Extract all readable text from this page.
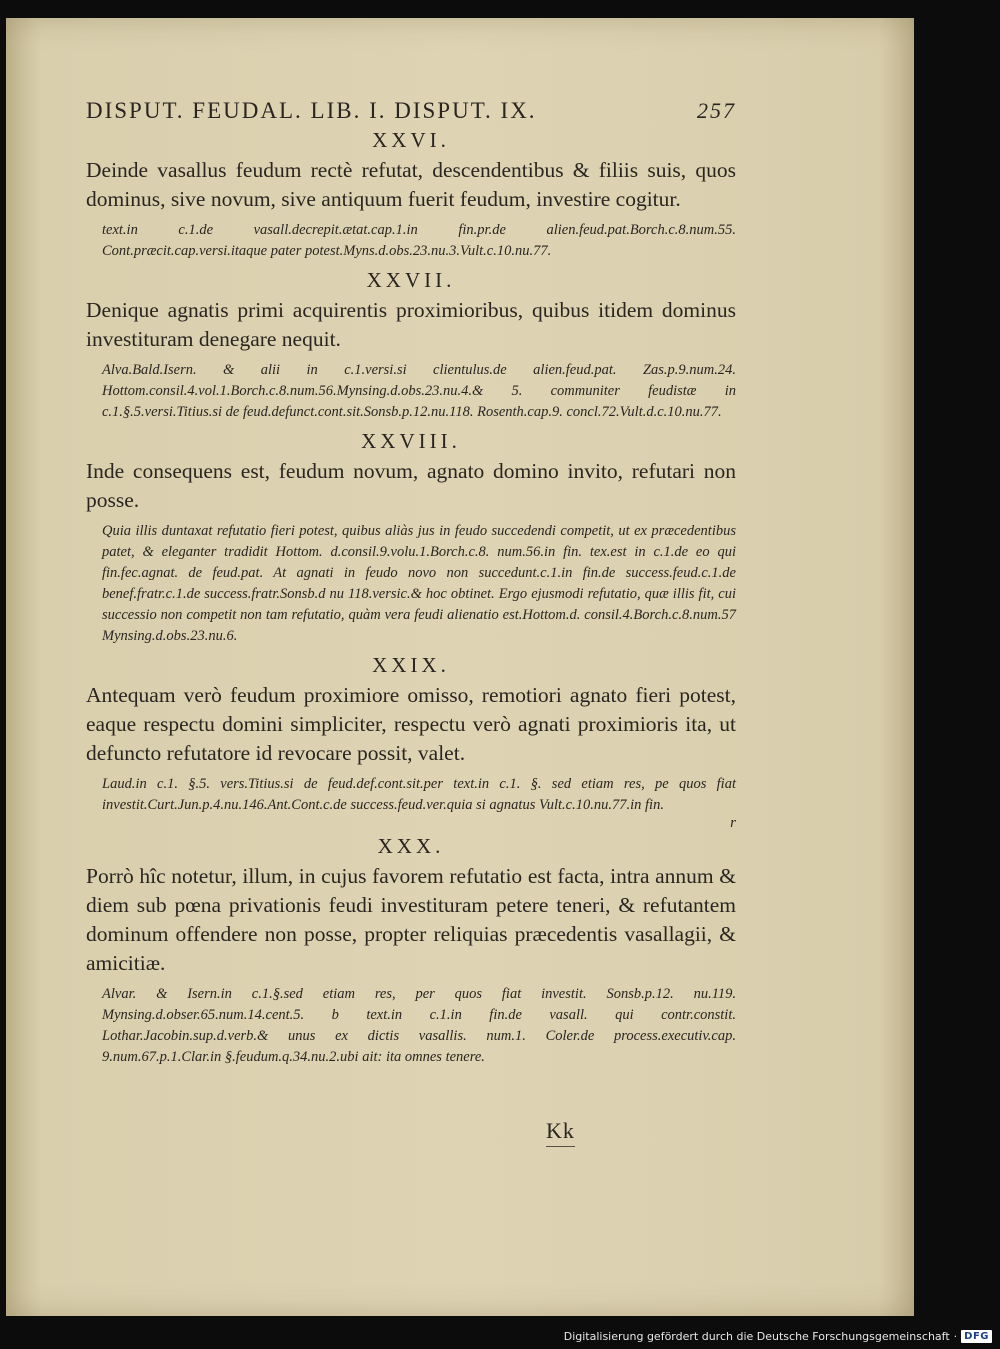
DISPUT. FEUDAL. LIB. I. DISPUT. IX.	257
XXVI.

Deinde vasallus feudum rectè refutat, descendentibus & filiis suis, quos dominus, sive novum, sive antiquum fuerit feudum, investire cogitur.

text.in c.1.de vasall.decrepit.ætat.cap.1.in fin.pr.de alien.feud.pat.Borch.c.8.num.55. Cont.præcit.cap.versi.itaque pater potest.Myns.d.obs.23.nu.3.Vult.c.10.nu.77.

XXVII.

Denique agnatis primi acquirentis proximioribus, quibus itidem dominus investituram denegare nequit.

Alva.Bald.Isern. & alii in c.1.versi.si clientulus.de alien.feud.pat. Zas.p.9.num.24. Hottom.consil.4.vol.1.Borch.c.8.num.56.Mynsing.d.obs.23.nu.4.& 5. communiter feudistæ in c.1.§.5.versi.Titius.si de feud.defunct.cont.sit.Sonsb.p.12.nu.118. Rosenth.cap.9. concl.72.Vult.d.c.10.nu.77.

XXVIII.

Inde consequens est, feudum novum, agnato domino invito, refutari non posse.

Quia illis duntaxat refutatio fieri potest, quibus aliàs jus in feudo succedendi competit, ut ex præcedentibus patet, & eleganter tradidit Hottom. d.consil.9.volu.1.Borch.c.8. num.56.in fin. tex.est in c.1.de eo qui fin.fec.agnat. de feud.pat. At agnati in feudo novo non succedunt.c.1.in fin.de success.feud.c.1.de benef.fratr.c.1.de success.fratr.Sonsb.d nu 118.versic.& hoc obtinet. Ergo ejusmodi refutatio, quæ illis fit, cui successio non competit non tam refutatio, quàm vera feudi alienatio est.Hottom.d. consil.4.Borch.c.8.num.57 Mynsing.d.obs.23.nu.6.

XXIX.

Antequam verò feudum proximiore omisso, remotiori agnato fieri potest, eaque respectu domini simpliciter, respectu verò agnati proximioris ita, ut defuncto refutatore id revocare possit, valet.

Laud.in c.1. §.5. vers.Titius.si de feud.def.cont.sit.per text.in c.1. §. sed etiam res, pe quos fiat investit.Curt.Jun.p.4.nu.146.Ant.Cont.c.de success.feud.ver.quia si agnatus Vult.c.10.nu.77.in fin.

r
XXX.

Porrò hîc notetur, illum, in cujus favorem refutatio est facta, intra annum & diem sub pœna privationis feudi investituram petere teneri, & refutantem dominum offendere non posse, propter reliquias præcedentis vasallagii, & amicitiæ.

Alvar. & Isern.in c.1.§.sed etiam res, per quos fiat investit. Sonsb.p.12. nu.119. Mynsing.d.obser.65.num.14.cent.5. b text.in c.1.in fin.de vasall. qui contr.constit. Lothar.Jacobin.sup.d.verb.& unus ex dictis vasallis. num.1. Coler.de process.executiv.cap. 9.num.67.p.1.Clar.in §.feudum.q.34.nu.2.ubi ait: ita omnes tenere.

Kk
Digitalisierung gefördert durch die Deutsche Forschungsgemeinschaft · DFG
